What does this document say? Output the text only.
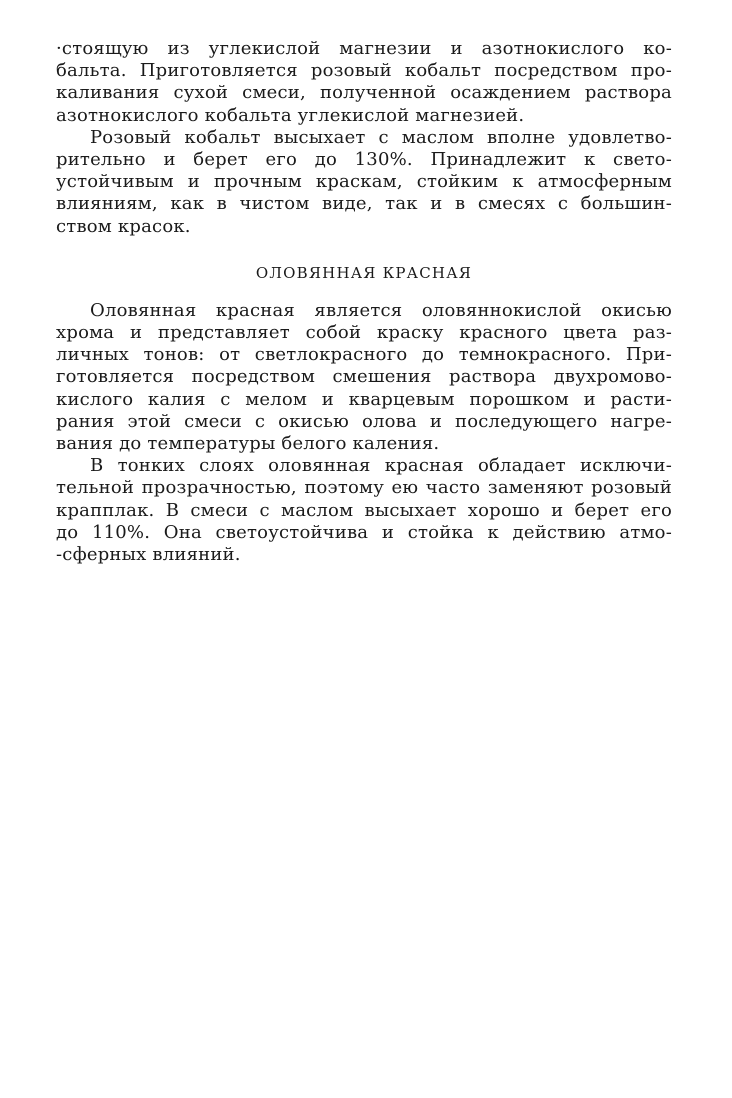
·стоящую из углекислой магнезии и азотнокислого ко-
бальта. Приготовляется розовый кобальт посредством про-
каливания сухой смеси, полученной осаждением раствора
азотнокислого кобальта углекислой магнезией.
Розовый кобальт высыхает с маслом вполне удовлетво-
рительно и берет его до 130%. Принадлежит к свето-
устойчивым и прочным краскам, стойким к атмосферным
влияниям, как в чистом виде, так и в смесях с большин-
ством красок.
ОЛОВЯННАЯ КРАСНАЯ
Оловянная красная является оловяннокислой окисью
хрома и представляет собой краску красного цвета раз-
личных тонов: от светлокрасного до темнокрасного. При-
готовляется посредством смешения раствора двухромово-
кислого калия с мелом и кварцевым порошком и расти-
рания этой смеси с окисью олова и последующего нагре-
вания до температуры белого каления.
В тонких слоях оловянная красная обладает исключи-
тельной прозрачностью, поэтому ею часто заменяют розовый
крапплак. В смеси с маслом высыхает хорошо и берет его
до 110%. Она светоустойчива и стойка к действию атмо-
-сферных влияний.
